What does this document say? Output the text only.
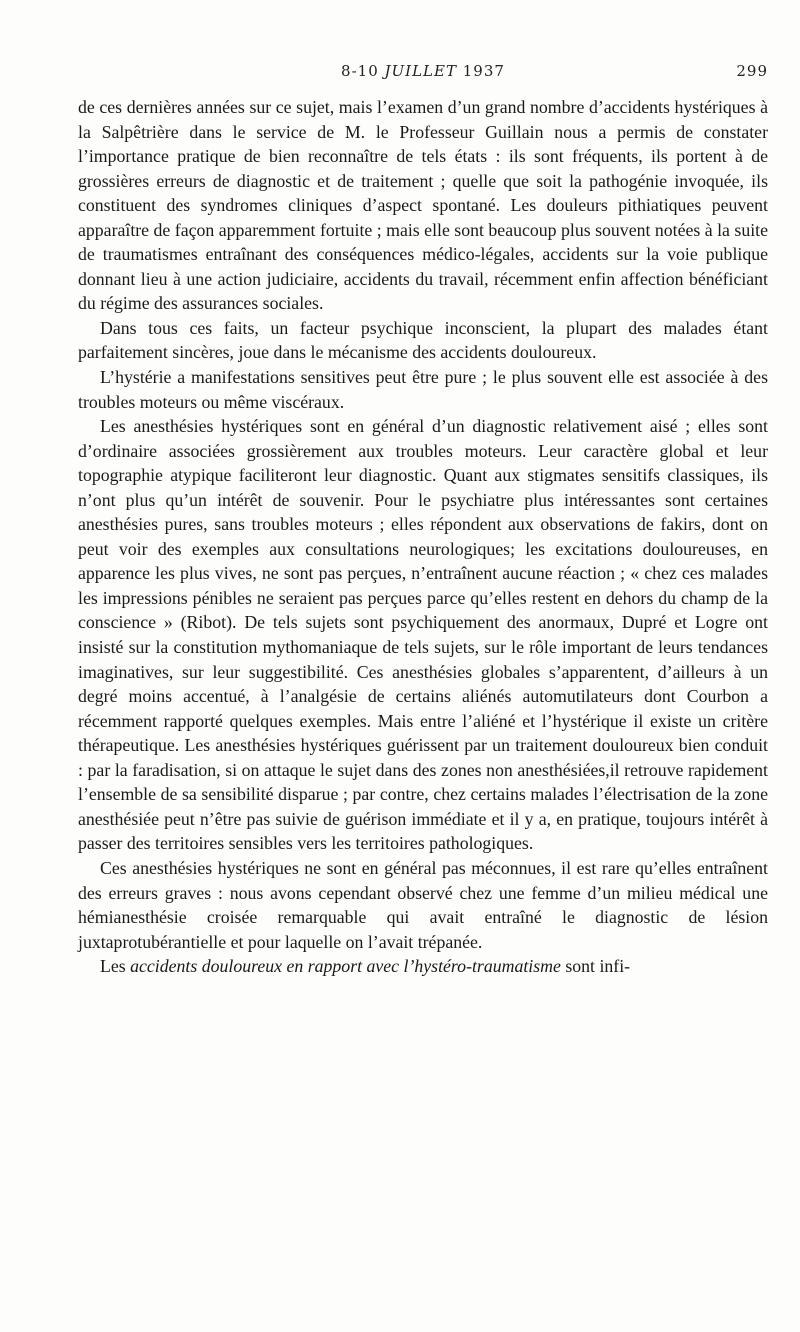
8-10 JUILLET 1937	299

de ces dernières années sur ce sujet, mais l’examen d’un grand nombre d’accidents hystériques à la Salpêtrière dans le service de M. le Professeur Guillain nous a permis de constater l’importance pratique de bien reconnaître de tels états : ils sont fréquents, ils portent à de grossières erreurs de diagnostic et de traitement ; quelle que soit la pathogénie invoquée, ils constituent des syndromes cliniques d’aspect spontané. Les douleurs pithiatiques peuvent apparaître de façon apparemment fortuite ; mais elle sont beaucoup plus souvent notées à la suite de traumatismes entraînant des conséquences médico-légales, accidents sur la voie publique donnant lieu à une action judiciaire, accidents du travail, récemment enfin affection bénéficiant du régime des assurances sociales.

Dans tous ces faits, un facteur psychique inconscient, la plupart des malades étant parfaitement sincères, joue dans le mécanisme des accidents douloureux.

L’hystérie a manifestations sensitives peut être pure ; le plus souvent elle est associée à des troubles moteurs ou même viscéraux.

Les anesthésies hystériques sont en général d’un diagnostic relativement aisé ; elles sont d’ordinaire associées grossièrement aux troubles moteurs. Leur caractère global et leur topographie atypique faciliteront leur diagnostic. Quant aux stigmates sensitifs classiques, ils n’ont plus qu’un intérêt de souvenir. Pour le psychiatre plus intéressantes sont certaines anesthésies pures, sans troubles moteurs ; elles répondent aux observations de fakirs, dont on peut voir des exemples aux consultations neurologiques; les excitations douloureuses, en apparence les plus vives, ne sont pas perçues, n’entraînent aucune réaction ; « chez ces malades les impressions pénibles ne seraient pas perçues parce qu’elles restent en dehors du champ de la conscience » (Ribot). De tels sujets sont psychiquement des anormaux, Dupré et Logre ont insisté sur la constitution mythomaniaque de tels sujets, sur le rôle important de leurs tendances imaginatives, sur leur suggestibilité. Ces anesthésies globales s’apparentent, d’ailleurs à un degré moins accentué, à l’analgésie de certains aliénés automutilateurs dont Courbon a récemment rapporté quelques exemples. Mais entre l’aliéné et l’hystérique il existe un critère thérapeutique. Les anesthésies hystériques guérissent par un traitement douloureux bien conduit : par la faradisation, si on attaque le sujet dans des zones non anesthésiées,il retrouve rapidement l’ensemble de sa sensibilité disparue ; par contre, chez certains malades l’électrisation de la zone anesthésiée peut n’être pas suivie de guérison immédiate et il y a, en pratique, toujours intérêt à passer des territoires sensibles vers les territoires pathologiques.

Ces anesthésies hystériques ne sont en général pas méconnues, il est rare qu’elles entraînent des erreurs graves : nous avons cependant observé chez une femme d’un milieu médical une hémianesthésie croisée remarquable qui avait entraîné le diagnostic de lésion juxtaprotubérantielle et pour laquelle on l’avait trépanée.

Les accidents douloureux en rapport avec l’hystéro-traumatisme sont infi-
